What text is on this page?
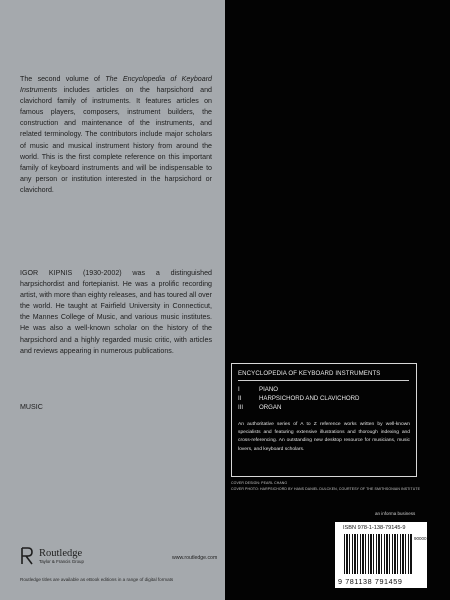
The second volume of The Encyclopedia of Keyboard Instruments includes articles on the harpsichord and clavichord family of instruments. It features articles on famous players, composers, instrument builders, the construction and maintenance of the instruments, and related terminology. The contributors include major scholars of music and musical instrument history from around the world. This is the first complete reference on this important family of keyboard instruments and will be indispensable to any person or institution interested in the harpsichord or clavichord.

IGOR KIPNIS (1930-2002) was a distinguished harpsichordist and fortepianist. He was a prolific recording artist, with more than eighty releases, and has toured all over the world. He taught at Fairfield University in Connecticut, the Mannes College of Music, and various music institutes. He was also a well-known scholar on the history of the harpsichord and a highly regarded music critic, with articles and reviews appearing in numerous publications.

MUSIC

Routledge
Taylor & Francis Group	www.routledge.com
Routledge titles are available as eBook editions in a range of digital formats
ENCYCLOPEDIA OF KEYBOARD INSTRUMENTS
I	PIANO
II	HARPSICHORD AND CLAVICHORD
III	ORGAN

An authoritative series of A to Z reference works written by well-known specialists and featuring extensive illustrations and thorough indexing and cross-referencing. An outstanding new desktop resource for musicians, music lovers, and keyboard scholars.

COVER DESIGN: PEARL CHANG
COVER PHOTO: HARPSICHORD BY HANS DANIEL DULCKEN, COURTESY OF THE SMITHSONIAN INSTITUTE
an informa business
ISBN 978-1-138-79145-9
90000
9 781138 791459
